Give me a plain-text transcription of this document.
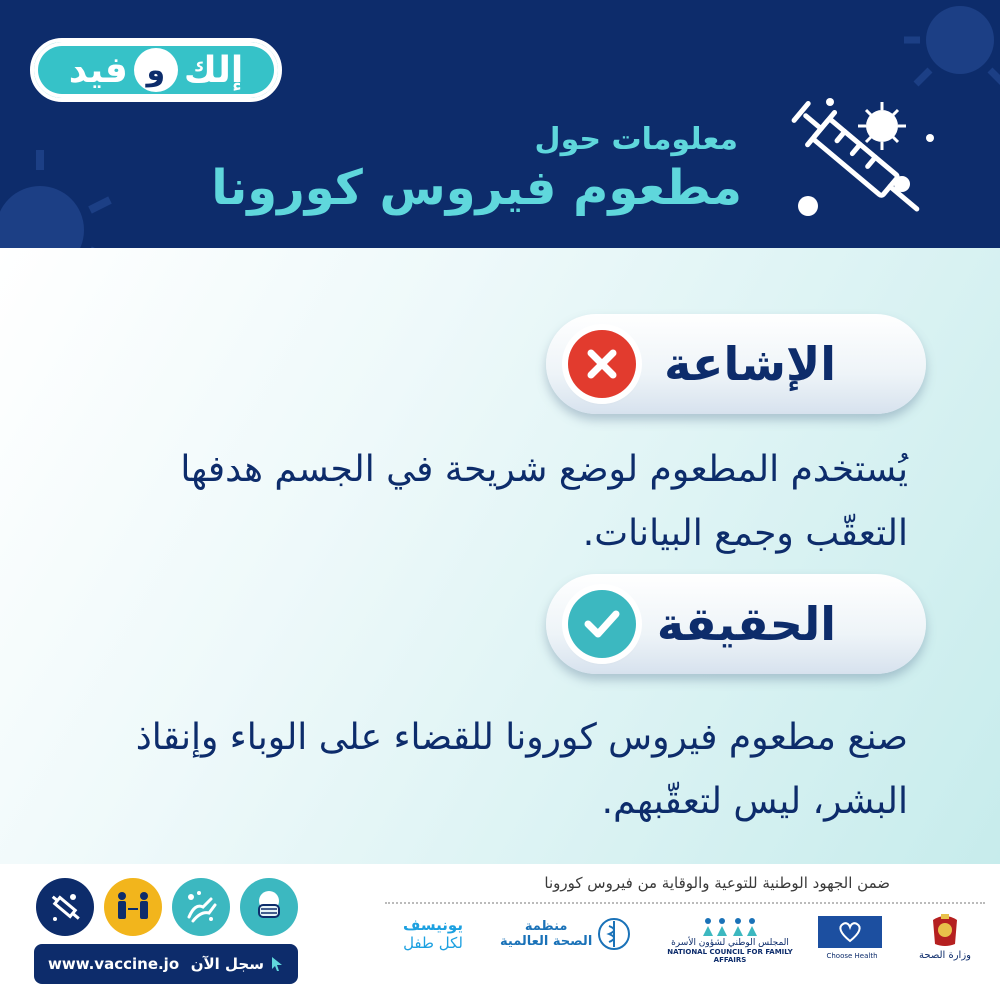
إلك
و
فيد
معلومات حول
مطعوم فيروس كورونا
الإشاعة
يُستخدم المطعوم لوضع شريحة في الجسم هدفها التعقّب وجمع البيانات.
الحقيقة
صنع مطعوم فيروس كورونا للقضاء على الوباء وإنقاذ البشر، ليس لتعقّبهم.
ضمن الجهود الوطنية للتوعية والوقاية من فيروس كورونا
www.vaccine.jo سجل الآن
يونيسف
لكل طفل
منظمة
الصحة العالمية	المجلس الوطني لشؤون الأسرة
NATIONAL COUNCIL FOR FAMILY AFFAIRS	Choose Health	وزارة الصحة
